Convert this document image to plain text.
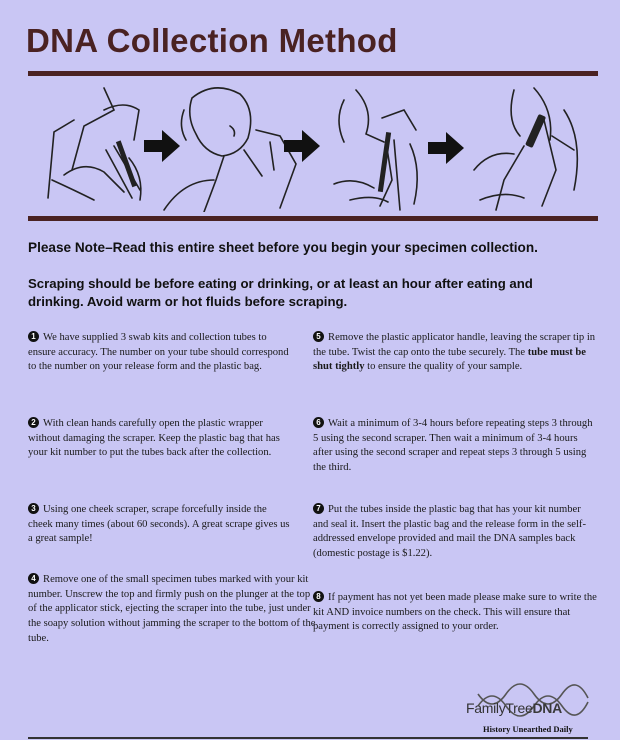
DNA Collection Method

Please Note–Read this entire sheet before you begin your specimen collection.

Scraping should be before eating or drinking, or at least an hour after eating and drinking. Avoid warm or hot fluids before scraping.

1 We have supplied 3 swab kits and collection tubes to ensure accuracy. The number on your tube should correspond to the number on your release form and the plastic bag.
2 With clean hands carefully open the plastic wrapper without damaging the scraper. Keep the plastic bag that has your kit number to put the tubes back after the collection.
3 Using one cheek scraper, scrape forcefully inside the cheek many times (about 60 seconds). A great scrape gives us a great sample!
4 Remove one of the small specimen tubes marked with your kit number. Unscrew the top and firmly push on the plunger at the top of the applicator stick, ejecting the scraper into the tube, just under the soapy solution without jamming the scraper to the bottom of the tube.
5 Remove the plastic applicator handle, leaving the scraper tip in the tube. Twist the cap onto the tube securely. The tube must be shut tightly to ensure the quality of your sample.
6 Wait a minimum of 3-4 hours before repeating steps 3 through 5 using the second scraper. Then wait a minimum of 3-4 hours after using the second scraper and repeat steps 3 through 5 using the third.
7 Put the tubes inside the plastic bag that has your kit number and seal it. Insert the plastic bag and the release form in the self-addressed envelope provided and mail the DNA samples back (domestic postage is $1.22).
8 If payment has not yet been made please make sure to write the kit AND invoice numbers on the check. This will ensure that payment is correctly assigned to your order.
FamilyTreeDNA
History Unearthed Daily
